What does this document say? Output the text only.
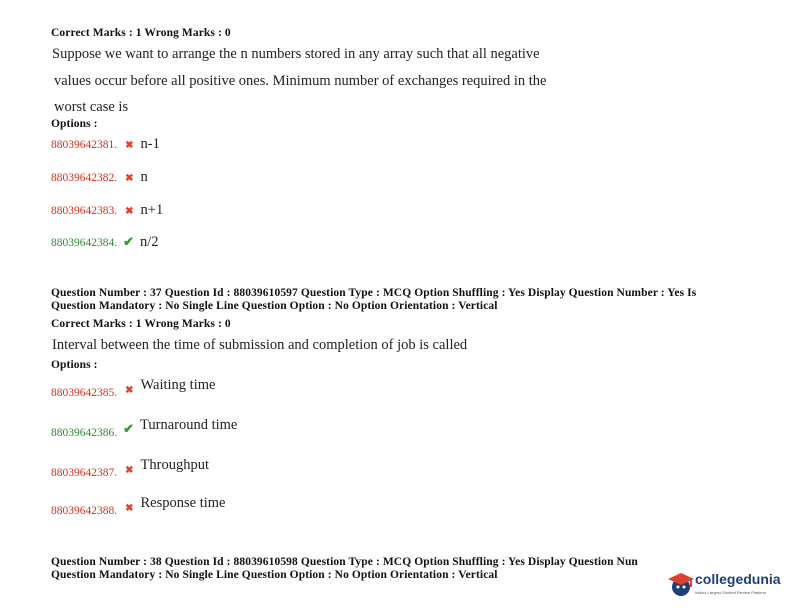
Correct Marks : 1 Wrong Marks : 0
Suppose we want to arrange the n numbers stored in any array such that all negative
values occur before all positive ones. Minimum number of exchanges required in the
worst case is
Options :
88039642381. ✖ n-1
88039642382. ✖ n
88039642383. ✖ n+1
88039642384. ✔ n/2
Question Number : 37 Question Id : 88039610597 Question Type : MCQ Option Shuffling : Yes Display Question Number : Yes Is
Question Mandatory : No Single Line Question Option : No Option Orientation : Vertical
Correct Marks : 1 Wrong Marks : 0
Interval between the time of submission and completion of job is called
Options :
$_{88039642385.}$ $_✖$ Waiting time
$_{88039642386.}$ $_✔$ Turnaround time
$_{88039642387.}$ $_✖$ Throughput
$_{88039642388.}$ $_✖$ Response time
Question Number : 38 Question Id : 88039610598 Question Type : MCQ Option Shuffling : Yes Display Question Nun
Question Mandatory : No Single Line Question Option : No Option Orientation : Vertical	collegedunia
India's Largest Student Review Platform
